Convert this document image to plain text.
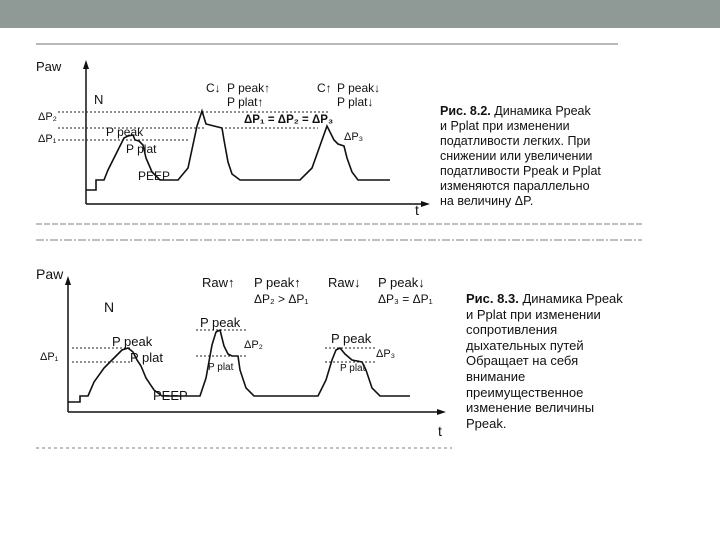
Paw
t
N
ΔP₂
ΔP₁	P peak
P plat
PEEP
C↓ P peak↑
P plat↑
C↑ P peak↓
P plat↓
ΔP₁ = ΔP₂ = ΔP₃
ΔP₃
Paw
t
N
ΔP₁
P peak
P plat
PEEP
Raw↑ P peak↑
ΔP₂ > ΔP₁
Raw↓ P peak↓
ΔP₃ = ΔP₁
P peak
ΔP₂
P plat
P peak
ΔP₃
P plat

Рис. 8.2. Динамика Ppeak

и Pplat при изменении

податливости легких. При

снижении или увеличении

податливости Ppeak и Pplat

изменяются параллельно

на величину ΔP.

Рис. 8.3. Динамика Ppeak

и Pplat при изменении

сопротивления

дыхательных путей

Обращает на себя

внимание

преимущественное

изменение величины

Ppeak.
